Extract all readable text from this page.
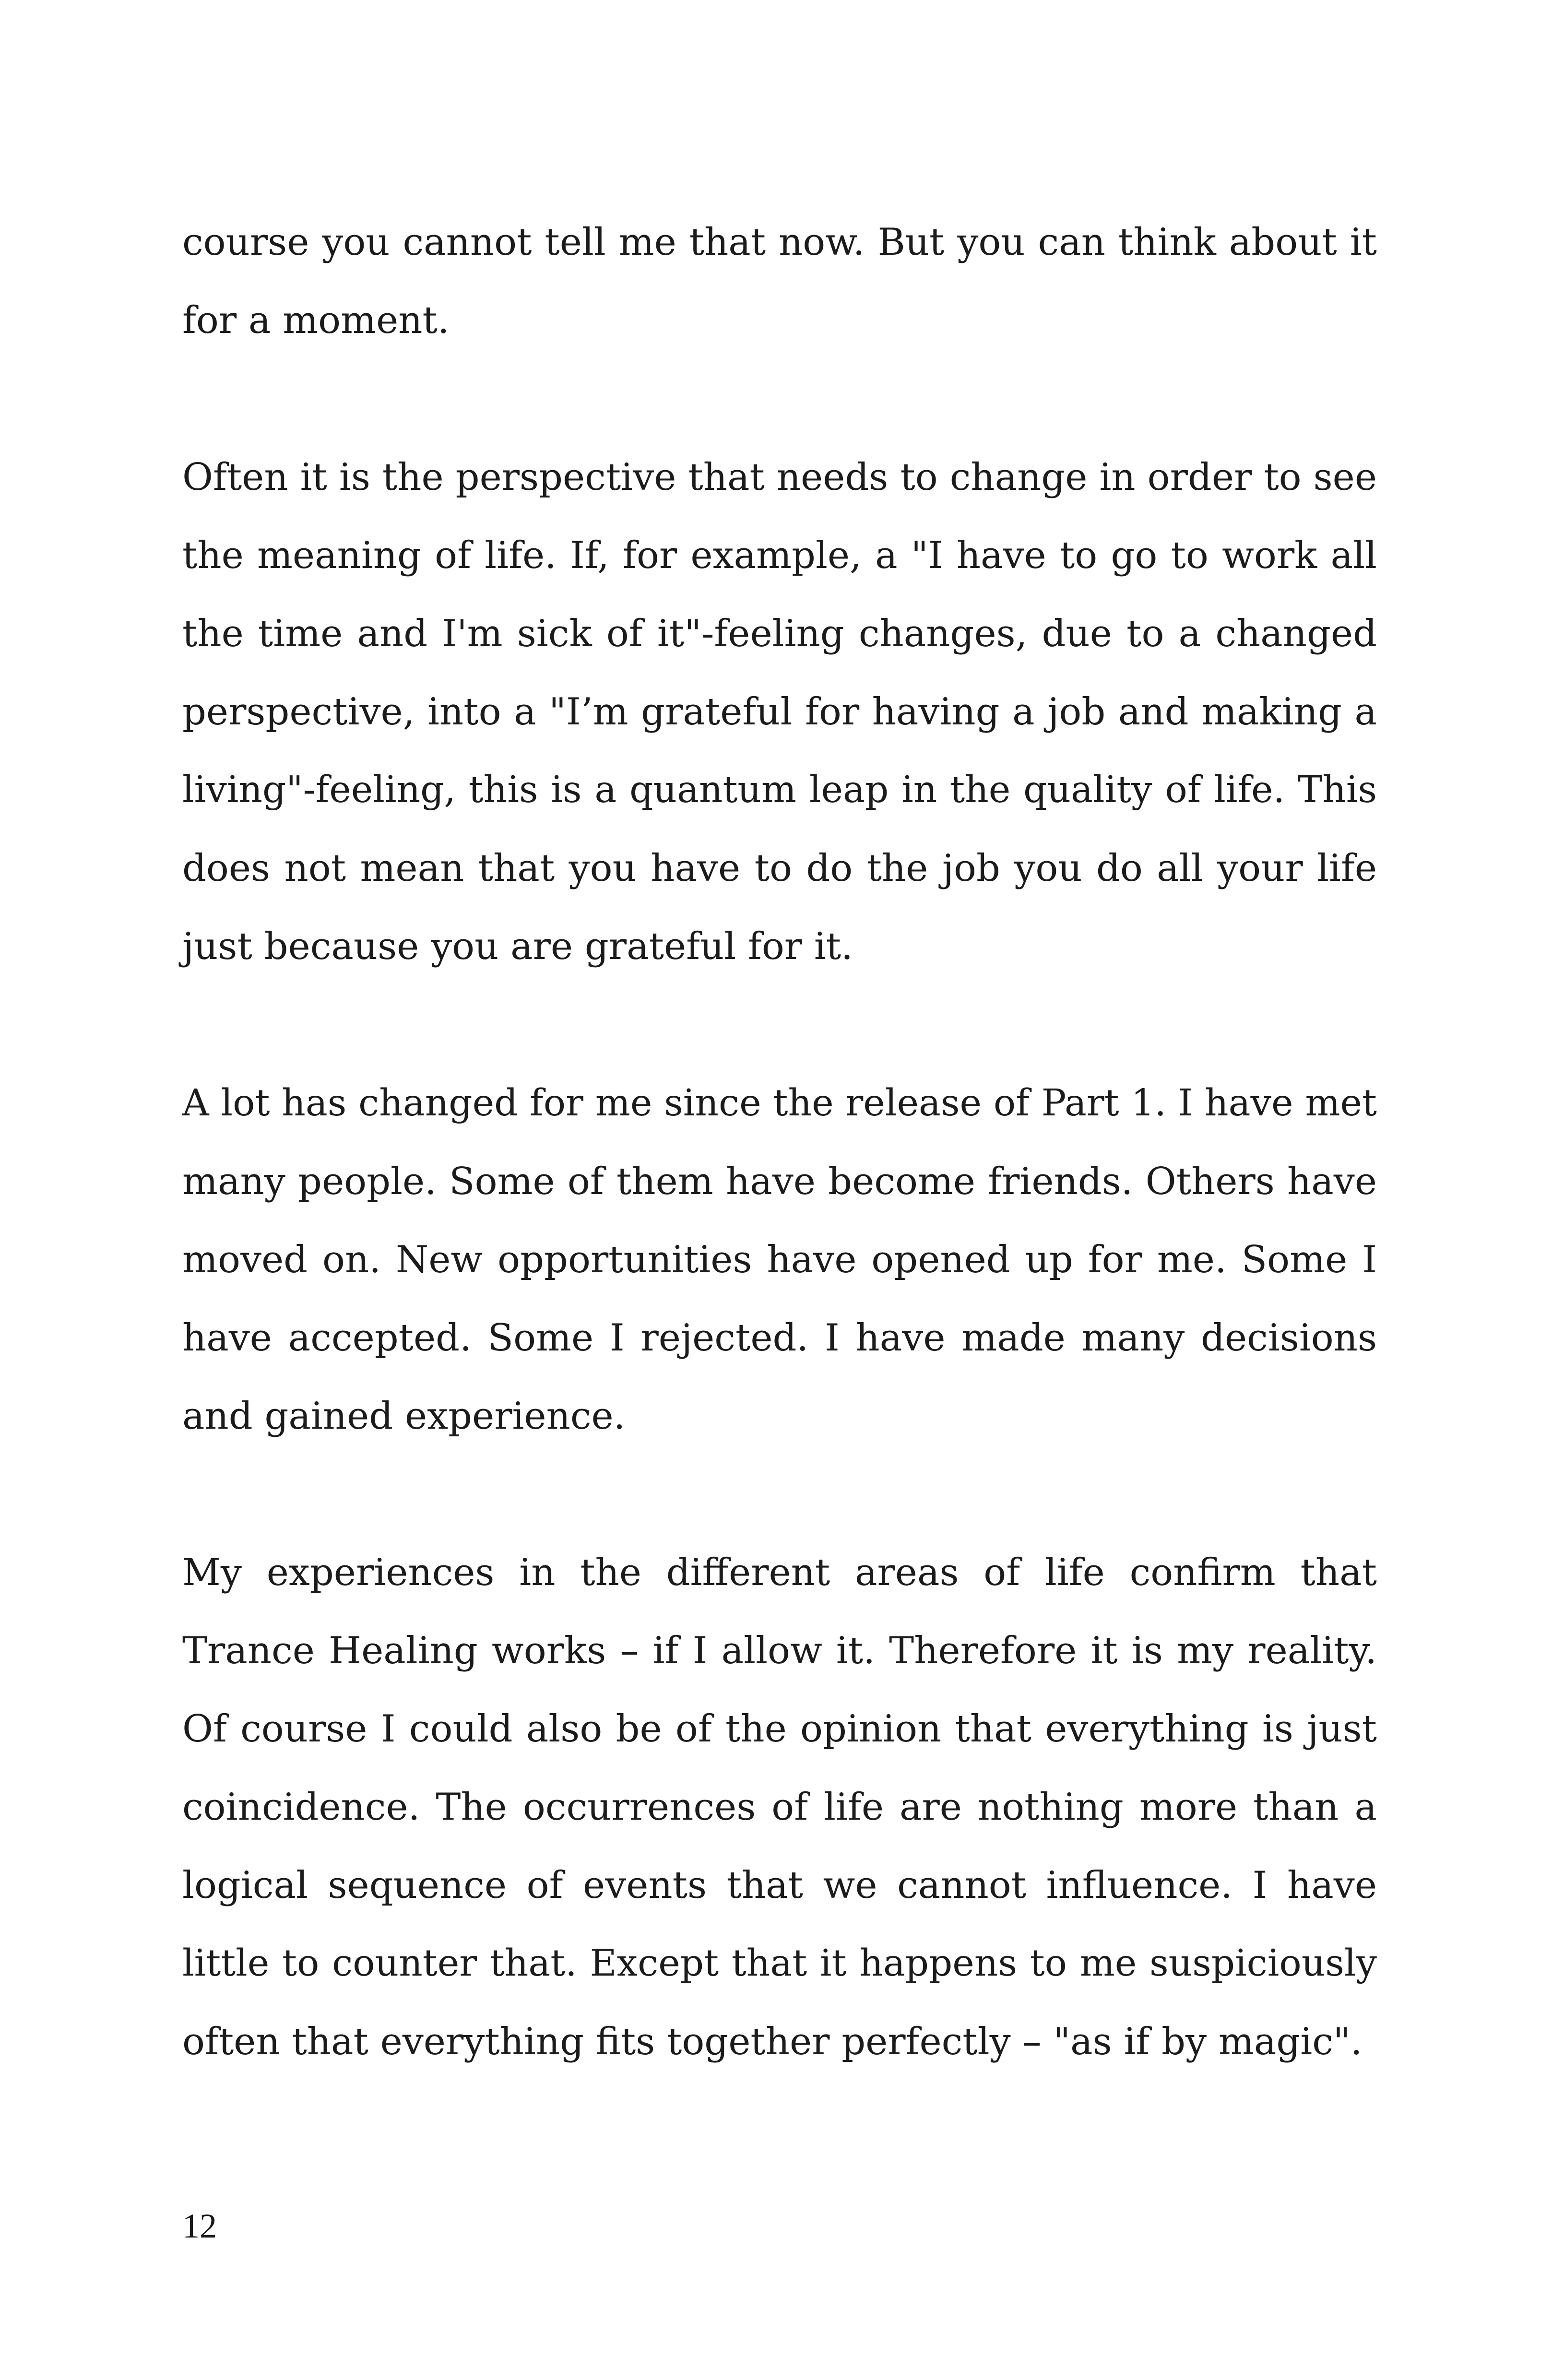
course you cannot tell me that now. But you can think about it
for a moment.
Often it is the perspective that needs to change in order to see
the meaning of life. If, for example, a "I have to go to work all
the time and I'm sick of it"-feeling changes, due to a changed
perspective, into a "I’m grateful for having a job and making a
living"-feeling, this is a quantum leap in the quality of life. This
does not mean that you have to do the job you do all your life
just because you are grateful for it.
A lot has changed for me since the release of Part 1. I have met
many people. Some of them have become friends. Others have
moved on. New opportunities have opened up for me. Some I
have accepted. Some I rejected. I have made many decisions
and gained experience.
My experiences in the different areas of life confirm that
Trance Healing works – if I allow it. Therefore it is my reality.
Of course I could also be of the opinion that everything is just
coincidence. The occurrences of life are nothing more than a
logical sequence of events that we cannot influence. I have
little to counter that. Except that it happens to me suspiciously
often that everything fits together perfectly – "as if by magic".
12
